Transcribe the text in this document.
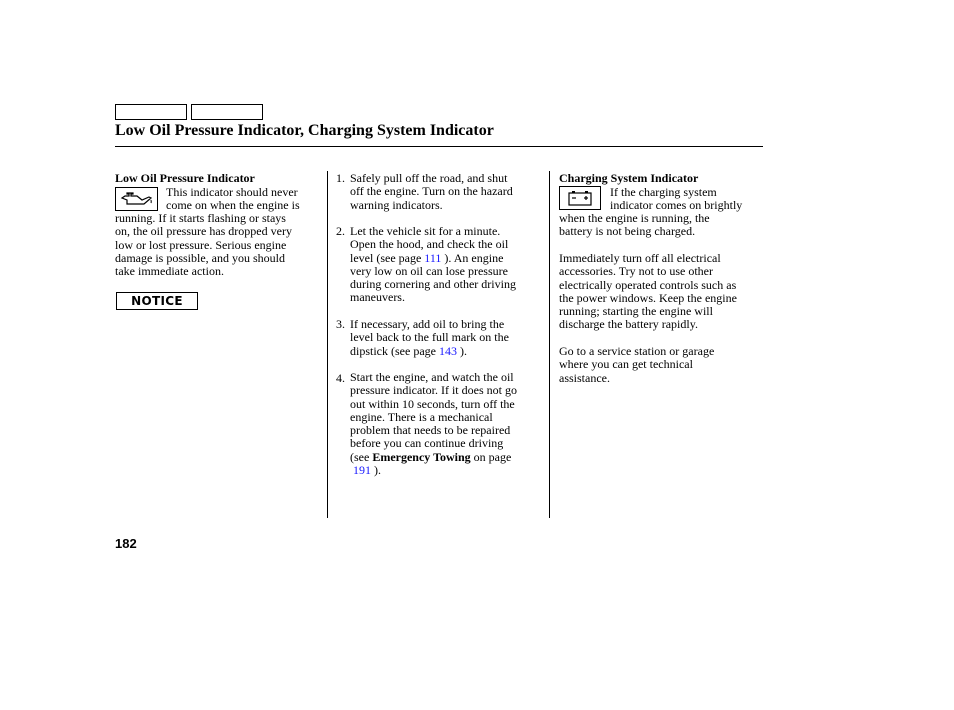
Low Oil Pressure Indicator, Charging System Indicator
Low Oil Pressure Indicator
This indicator should never
come on when the engine is
running. If it starts flashing or stays
on, the oil pressure has dropped very
low or lost pressure. Serious engine
damage is possible, and you should
take immediate action.
NOTICE
1. Safely pull off the road, and shut
off the engine. Turn on the hazard
warning indicators.
2. Let the vehicle sit for a minute.
Open the hood, and check the oil
level (see page 111 ). An engine
very low on oil can lose pressure
during cornering and other driving
maneuvers.
3. If necessary, add oil to bring the
level back to the full mark on the
dipstick (see page 143 ).
4. Start the engine, and watch the oil
pressure indicator. If it does not go
out within 10 seconds, turn off the
engine. There is a mechanical
problem that needs to be repaired
before you can continue driving
(see Emergency Towing on page
191 ).
Charging System Indicator
If the charging system
indicator comes on brightly
when the engine is running, the
battery is not being charged.
Immediately turn off all electrical
accessories. Try not to use other
electrically operated controls such as
the power windows. Keep the engine
running; starting the engine will
discharge the battery rapidly.
Go to a service station or garage
where you can get technical
assistance.
182
